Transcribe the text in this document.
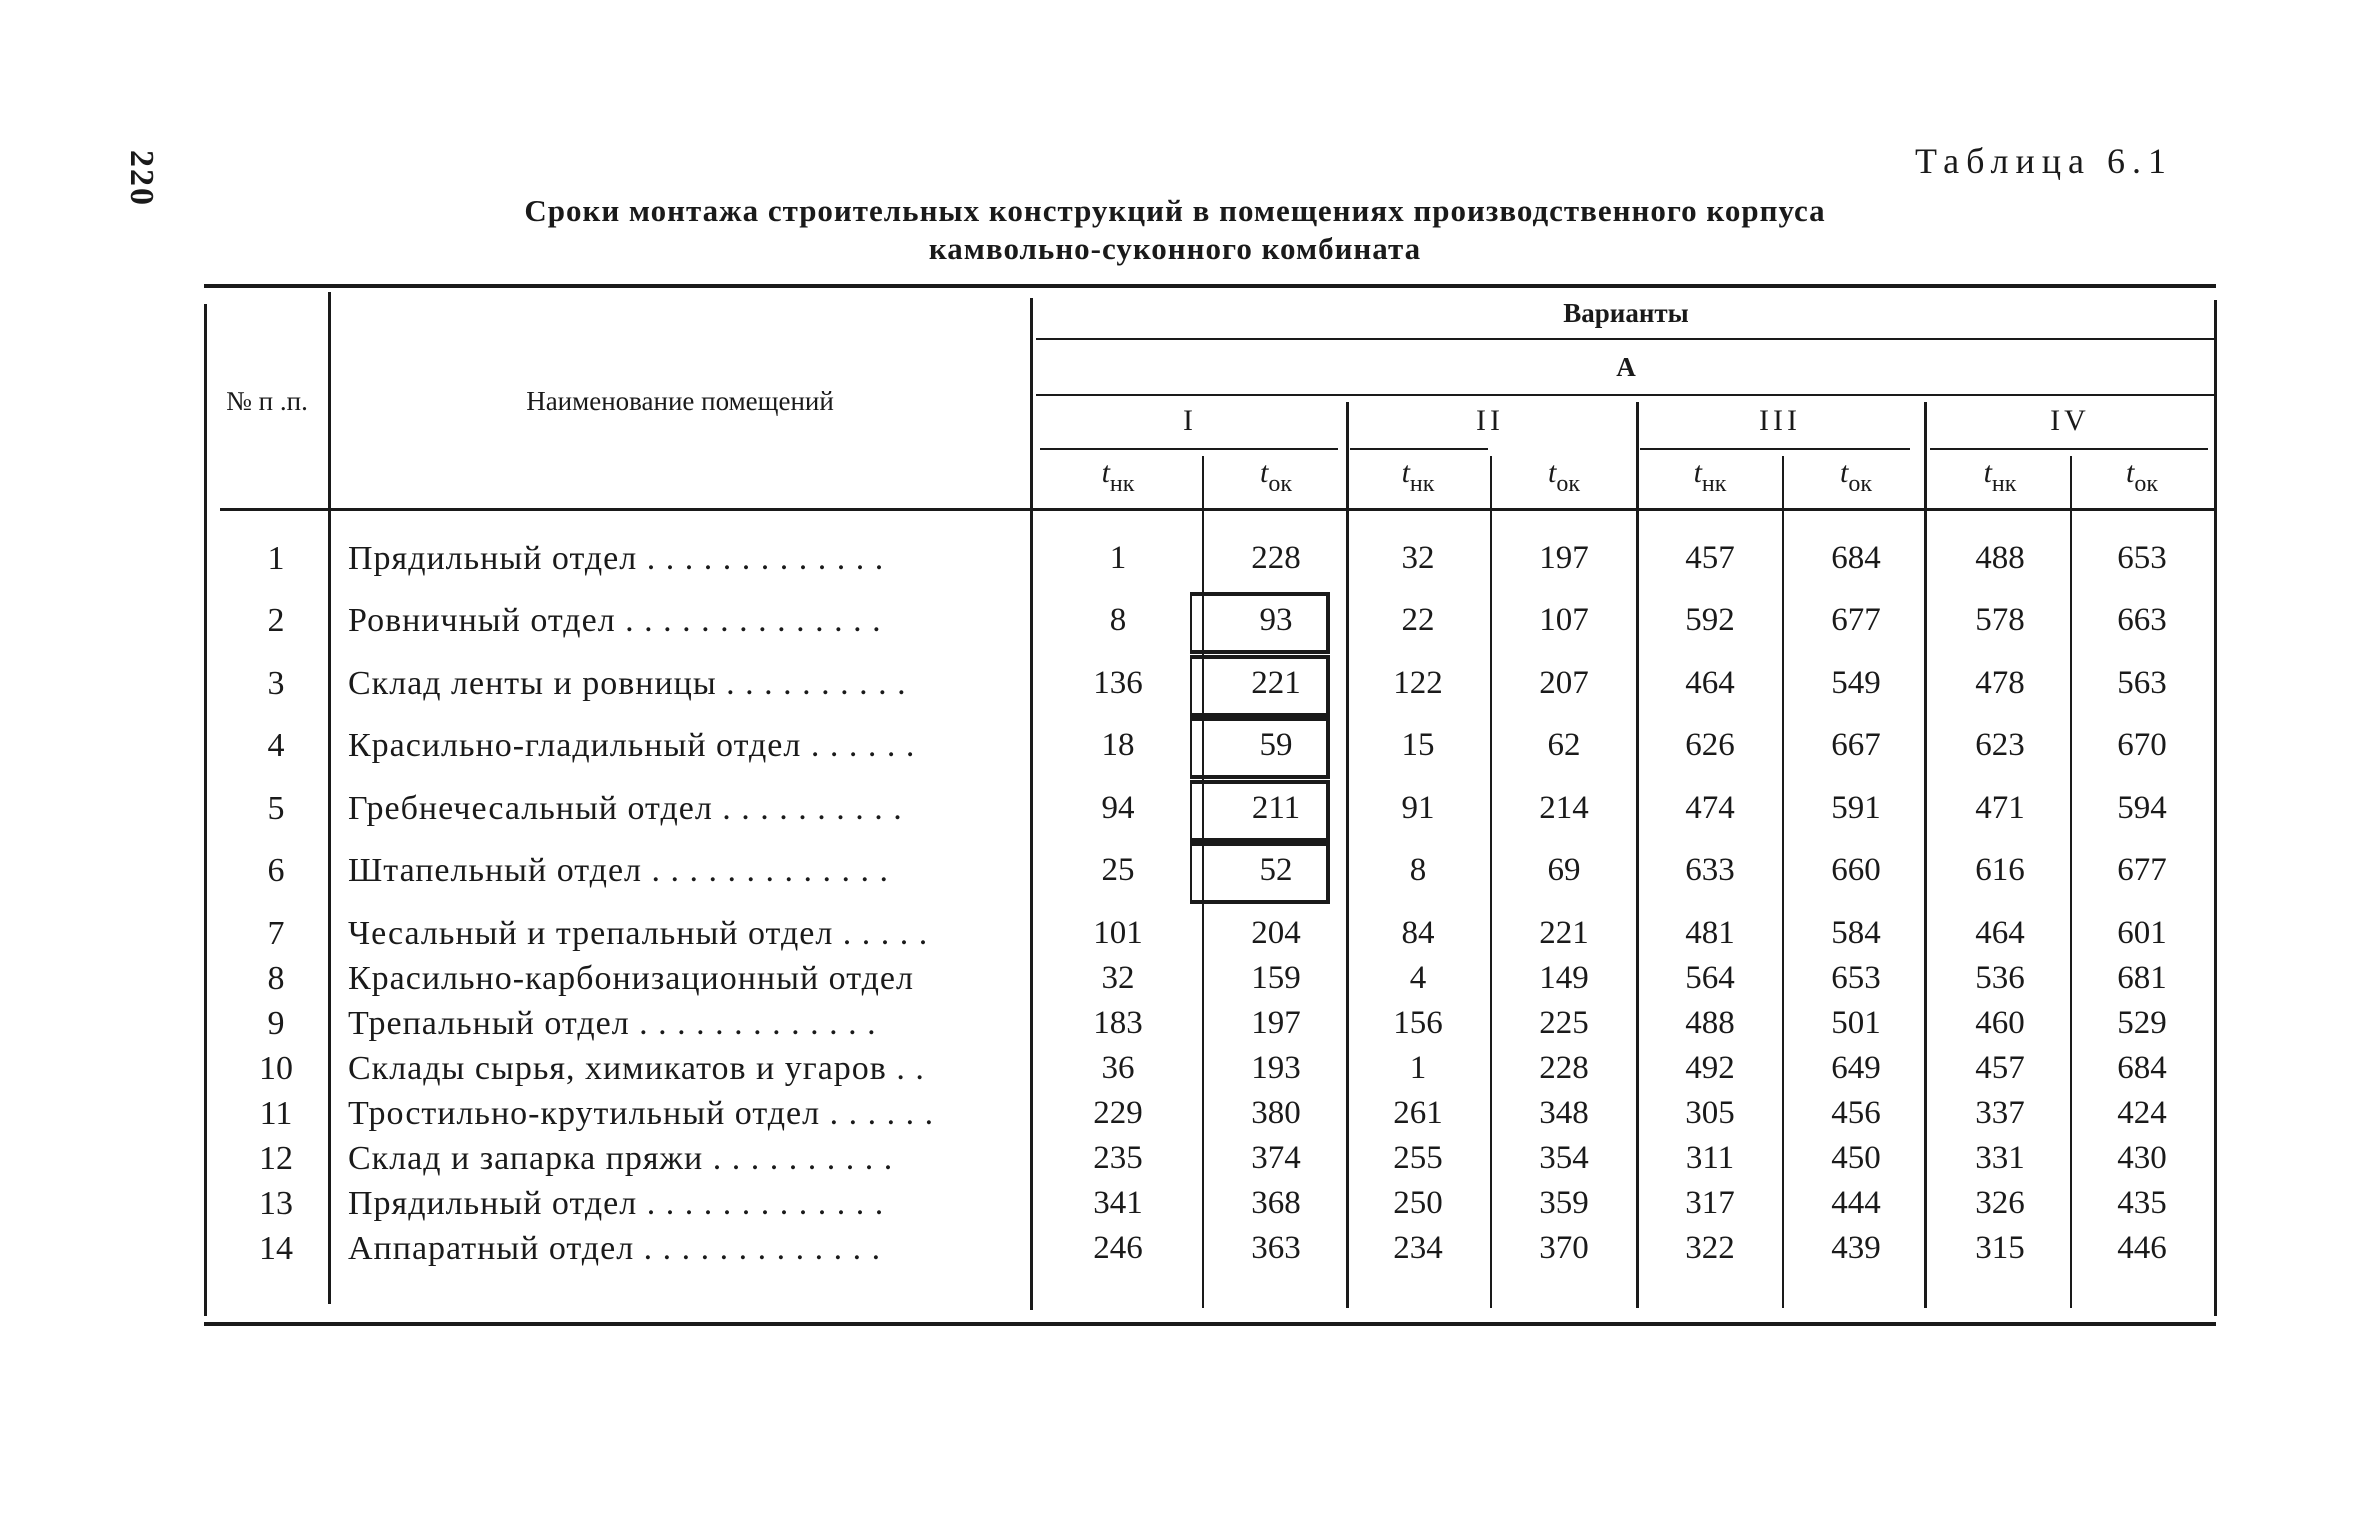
220	Таблица 6.1
Сроки монтажа строительных конструкций в помещениях производственного корпуса
камвольно-суконного комбината
№ п .п.	Наименование помещений
Варианты
А
I	II	III	IV
tнк	tок	tнк	tок	tнк	tок	tнк	tок
1	Прядильный отдел . . . . . . . . . . . . .	1	228	32	197	457	684	488	653
2	Ровничный отдел . . . . . . . . . . . . . .	8	93	22	107	592	677	578	663
3	Склад ленты и ровницы . . . . . . . . . .	136	221	122	207	464	549	478	563
4	Красильно-гладильный отдел . . . . . .	18	59	15	62	626	667	623	670
5	Гребнечесальный отдел . . . . . . . . . .	94	211	91	214	474	591	471	594
6	Штапельный отдел . . . . . . . . . . . . .	25	52	8	69	633	660	616	677
7	Чесальный и трепальный отдел . . . . .	101	204	84	221	481	584	464	601
8	Красильно-карбонизационный отдел	32	159	4	149	564	653	536	681
9	Трепальный отдел . . . . . . . . . . . . .	183	197	156	225	488	501	460	529
10	Склады сырья, химикатов и угаров . .	36	193	1	228	492	649	457	684
11	Тростильно-крутильный отдел . . . . . .	229	380	261	348	305	456	337	424
12	Склад и запарка пряжи . . . . . . . . . .	235	374	255	354	311	450	331	430
13	Прядильный отдел . . . . . . . . . . . . .	341	368	250	359	317	444	326	435
14	Аппаратный отдел . . . . . . . . . . . . .	246	363	234	370	322	439	315	446
